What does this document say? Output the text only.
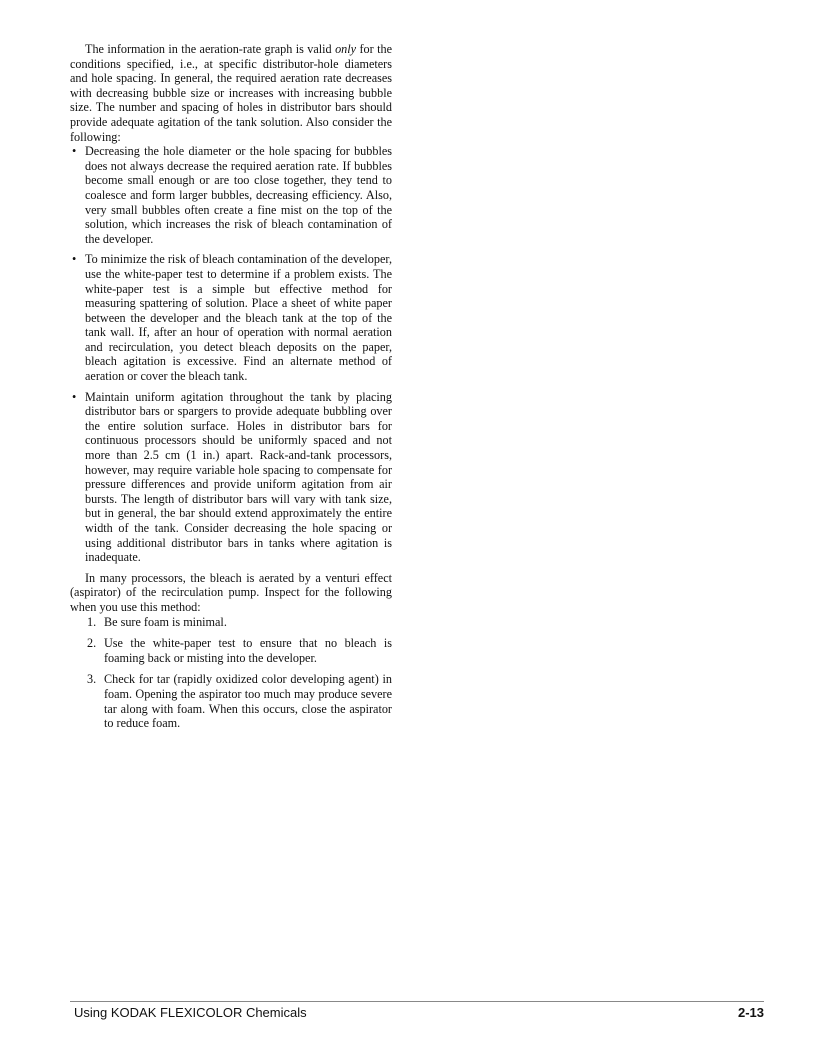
The information in the aeration-rate graph is valid only for the conditions specified, i.e., at specific distributor-hole diameters and hole spacing. In general, the required aeration rate decreases with decreasing bubble size or increases with increasing bubble size. The number and spacing of holes in distributor bars should provide adequate agitation of the tank solution. Also consider the following:

• Decreasing the hole diameter or the hole spacing for bubbles does not always decrease the required aeration rate. If bubbles become small enough or are too close together, they tend to coalesce and form larger bubbles, decreasing efficiency. Also, very small bubbles often create a fine mist on the top of the solution, which increases the risk of bleach contamination of the developer.
• To minimize the risk of bleach contamination of the developer, use the white-paper test to determine if a problem exists. The white-paper test is a simple but effective method for measuring spattering of solution. Place a sheet of white paper between the developer and the bleach tank at the top of the tank wall. If, after an hour of operation with normal aeration and recirculation, you detect bleach deposits on the paper, bleach agitation is excessive. Find an alternate method of aeration or cover the bleach tank.
• Maintain uniform agitation throughout the tank by placing distributor bars or spargers to provide adequate bubbling over the entire solution surface. Holes in distributor bars for continuous processors should be uniformly spaced and not more than 2.5 cm (1 in.) apart. Rack-and-tank processors, however, may require variable hole spacing to compensate for pressure differences and provide uniform agitation from air bursts. The length of distributor bars will vary with tank size, but in general, the bar should extend approximately the entire width of the tank. Consider decreasing the hole spacing or using additional distributor bars in tanks where agitation is inadequate.

In many processors, the bleach is aerated by a venturi effect (aspirator) of the recirculation pump. Inspect for the following when you use this method:

1. Be sure foam is minimal.
2. Use the white-paper test to ensure that no bleach is foaming back or misting into the developer.
3. Check for tar (rapidly oxidized color developing agent) in foam. Opening the aspirator too much may produce severe tar along with foam. When this occurs, close the aspirator to reduce foam.
Using KODAK FLEXICOLOR Chemicals	2-13
